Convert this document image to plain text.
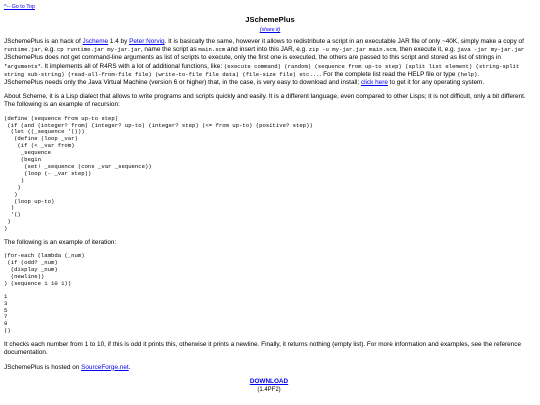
^-- Go to Top
JSchemePlus
(share it)

JSchemePlus is an hack of Jscheme 1.4 by Peter Norvig. It is basically the same, however it allows to redistribute a script in an executable JAR file of only ~40K, simply make a copy of runtime.jar, e.g. cp runtime.jar my-jar.jar, name the script as main.scm and insert into this JAR, e.g. zip -u my-jar.jar main.scm, then execute it, e.g. java -jar my-jar.jar
JSchemePlus does not get command-line arguments as list of scripts to execute, only the first one is executed, the others are passed to this script and stored as list of strings in *arguments*. It implements all of R4RS with a lot of additional functions, like: (execute command) (random) (sequence from up-to step) (split list element) (string-split string sub-string) (read-all-from-file file) (write-to-file file data) (file-size file) etc.... For the complete list read the HELP file or type (help).
JSchemePlus needs only the Java Virtual Machine (version 6 or higher) that, in the case, is very easy to download and install; click here to get it for any operating system.

About Scheme, it is a Lisp dialect that allows to write programs and scripts quickly and easily. It is a different language, even compared to other Lisps; it is not difficult, only a bit different. The following is an example of recursion:

(define (sequence from up-to step)
(if (and (integer? from) (integer? up-to) (integer? step) (<= from up-to) (positive? step))
(let ((_sequence '()))
(define (loop _var)
(if (< _var from)
_sequence
(begin
(set! _sequence (cons _var _sequence))
(loop (- _var step))
)
)
)
(loop up-to)
)
'()
)
)

The following is an example of iteration:

(for-each (lambda (_num)
(if (odd? _num)
(display _num)
(newline))
) (sequence 1 10 1))
1
3
5
7
9
()

It checks each number from 1 to 10, if this is odd it prints this, otherwise it prints a newline. Finally, it returns nothing (empty list). For more information and examples, see the reference documentation.

JSchemePlus is hosted on SourceForge.net.

DOWNLOAD
(1.4PF2)
